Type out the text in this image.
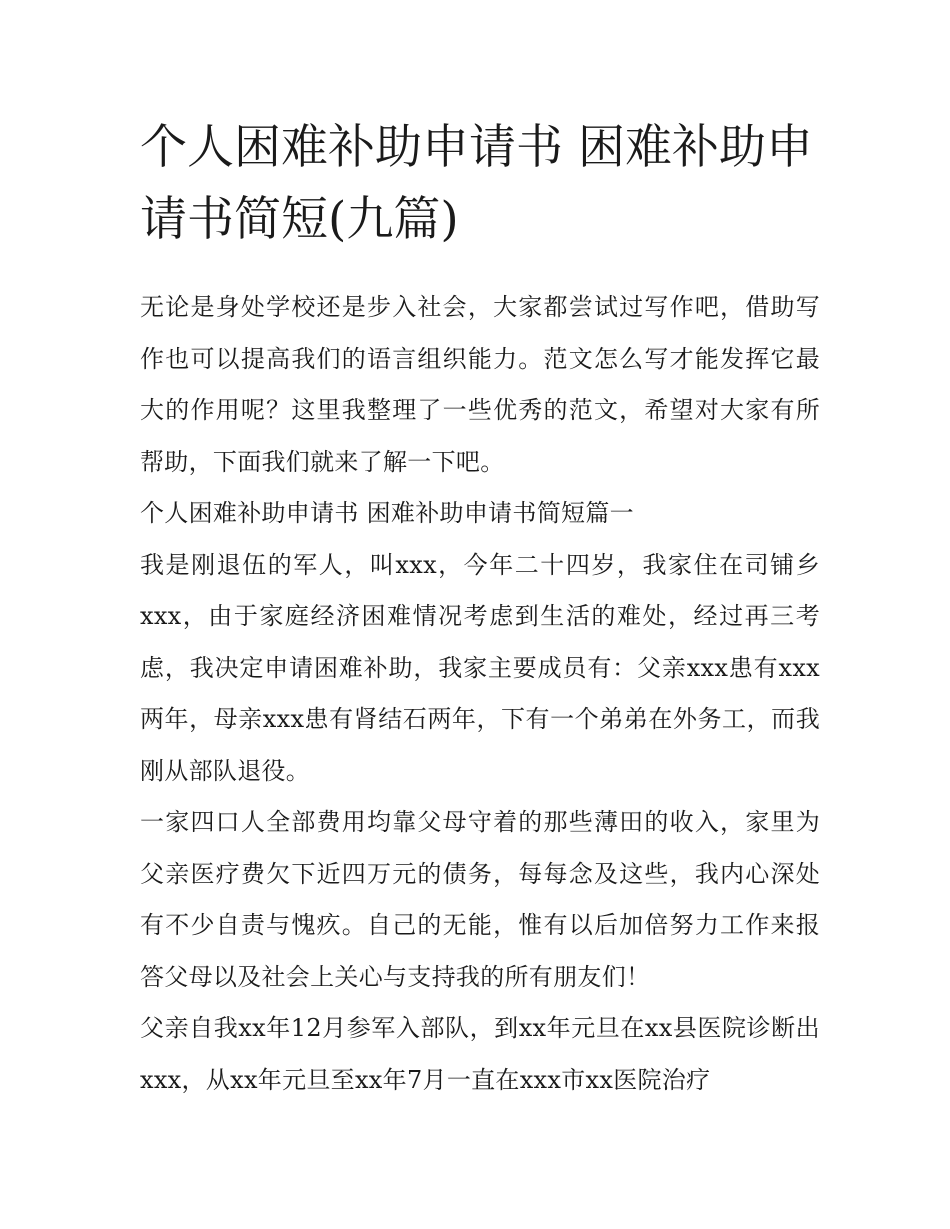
个人困难补助申请书 困难补助申请书简短(九篇)

无论是身处学校还是步入社会，大家都尝试过写作吧，借助写作也可以提高我们的语言组织能力。范文怎么写才能发挥它最大的作用呢？这里我整理了一些优秀的范文，希望对大家有所帮助，下面我们就来了解一下吧。

个人困难补助申请书 困难补助申请书简短篇一

我是刚退伍的军人，叫xxx，今年二十四岁，我家住在司铺乡xxx，由于家庭经济困难情况考虑到生活的难处，经过再三考虑，我决定申请困难补助，我家主要成员有：父亲xxx患有xxx两年，母亲xxx患有肾结石两年，下有一个弟弟在外务工，而我刚从部队退役。

一家四口人全部费用均靠父母守着的那些薄田的收入，家里为父亲医疗费欠下近四万元的债务，每每念及这些，我内心深处有不少自责与愧疚。自己的无能，惟有以后加倍努力工作来报答父母以及社会上关心与支持我的所有朋友们！

父亲自我xx年12月参军入部队，到xx年元旦在xx县医院诊断出xxx，从xx年元旦至xx年7月一直在xxx市xx医院治疗
